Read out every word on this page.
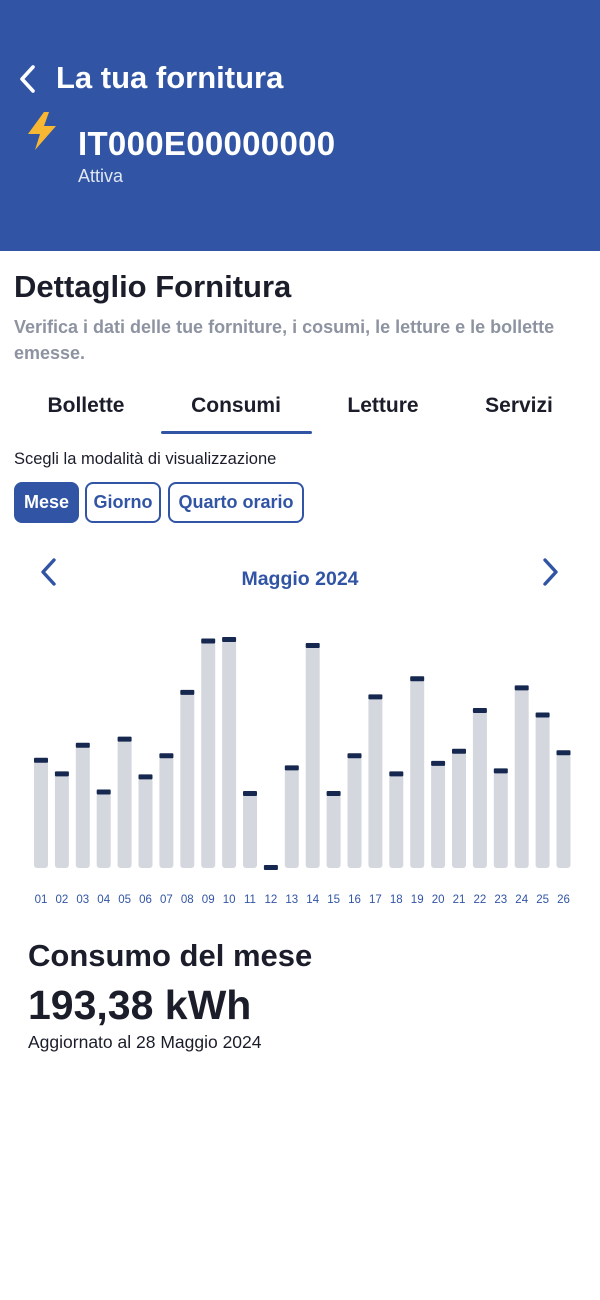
La tua fornitura
IT000E00000000
Attiva
Dettaglio Fornitura
Verifica i dati delle tue forniture, i cosumi, le letture e le bollette emesse.
Bollette	Consumi	Letture	Servizi
Scegli la modalità di visualizzazione
Mese	Giorno	Quarto orario
Maggio 2024
01 02 03 04 05 06 07 08 09 10 11 12 13 14 15 16 17 18 19 20 21 22 23 24 25 26
Consumo del mese
193,38 kWh
Aggiornato al 28 Maggio 2024
